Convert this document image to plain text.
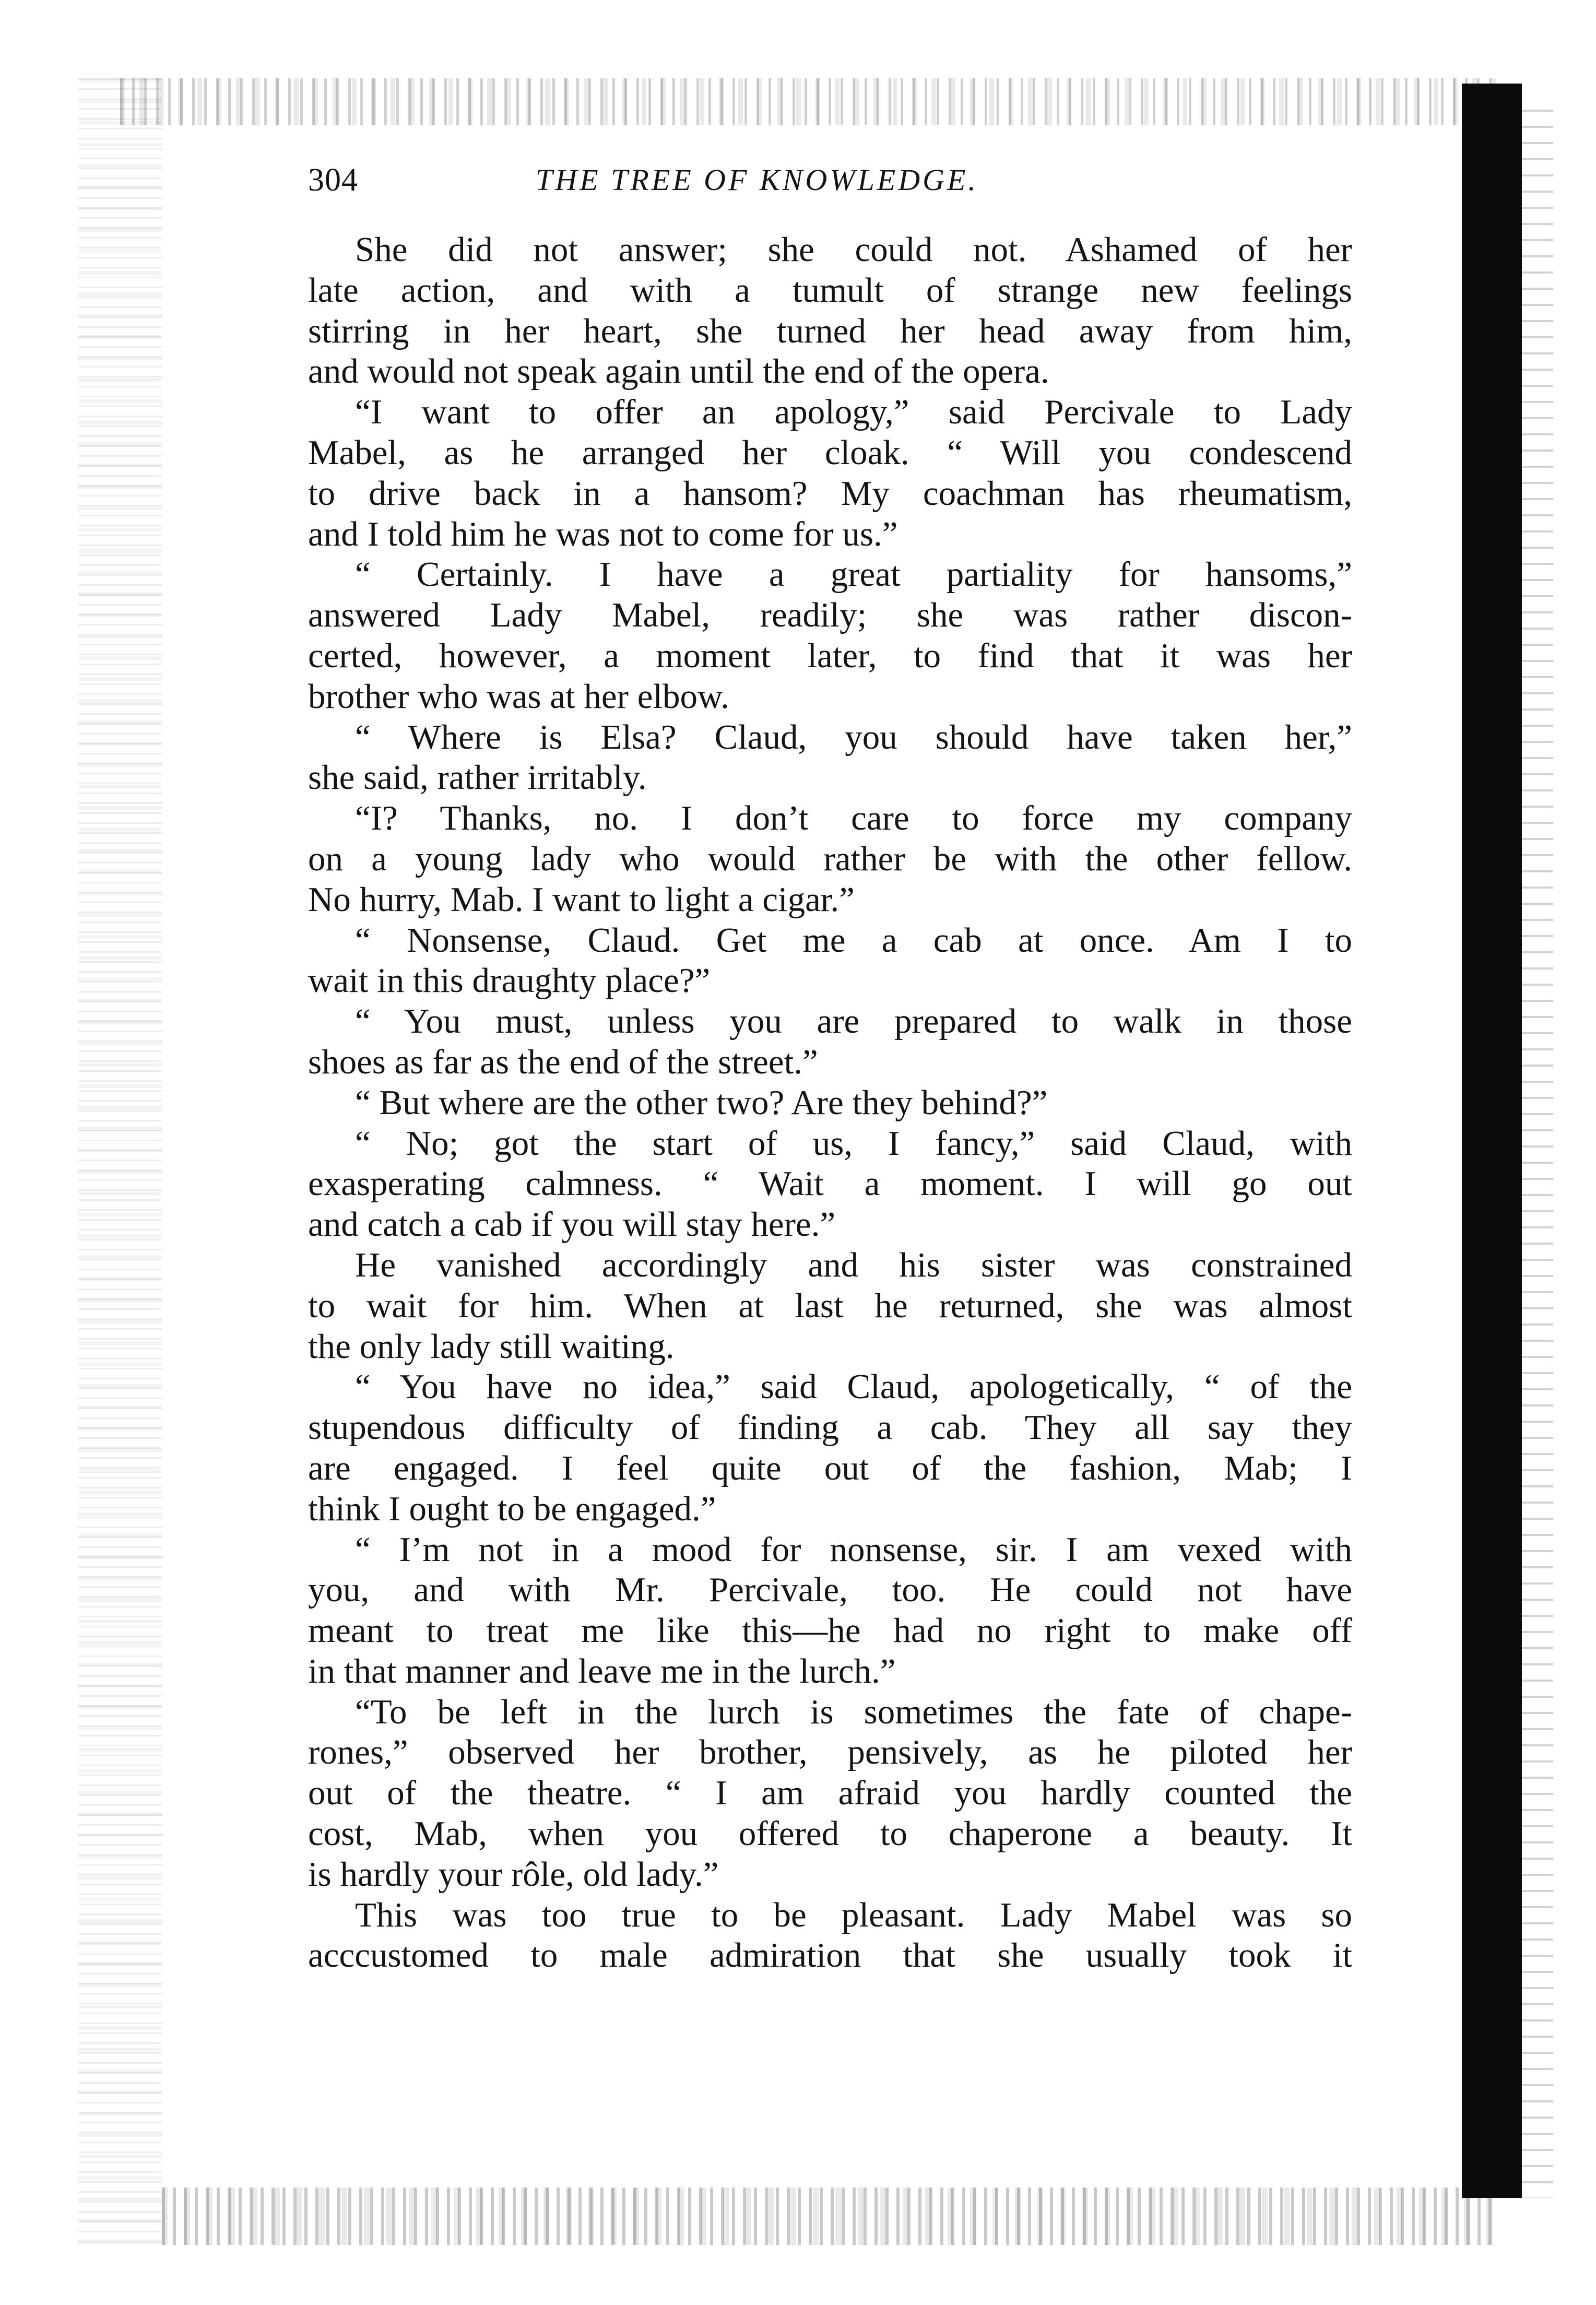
304	THE TREE OF KNOWLEDGE.
She did not answer; she could not. Ashamed of her
late action, and with a tumult of strange new feelings
stirring in her heart, she turned her head away from him,
and would not speak again until the end of the opera.
“I want to offer an apology,” said Percivale to Lady
Mabel, as he arranged her cloak. “ Will you condescend
to drive back in a hansom? My coachman has rheumatism,
and I told him he was not to come for us.”
“ Certainly. I have a great partiality for hansoms,”
answered Lady Mabel, readily; she was rather discon-
certed, however, a moment later, to find that it was her
brother who was at her elbow.
“ Where is Elsa? Claud, you should have taken her,”
she said, rather irritably.
“I? Thanks, no. I don’t care to force my company
on a young lady who would rather be with the other fellow.
No hurry, Mab. I want to light a cigar.”
“ Nonsense, Claud. Get me a cab at once. Am I to
wait in this draughty place?”
“ You must, unless you are prepared to walk in those
shoes as far as the end of the street.”
“ But where are the other two? Are they behind?”
“ No; got the start of us, I fancy,” said Claud, with
exasperating calmness. “ Wait a moment. I will go out
and catch a cab if you will stay here.”
He vanished accordingly and his sister was constrained
to wait for him. When at last he returned, she was almost
the only lady still waiting.
“ You have no idea,” said Claud, apologetically, “ of the
stupendous difficulty of finding a cab. They all say they
are engaged. I feel quite out of the fashion, Mab; I
think I ought to be engaged.”
“ I’m not in a mood for nonsense, sir. I am vexed with
you, and with Mr. Percivale, too. He could not have
meant to treat me like this—he had no right to make off
in that manner and leave me in the lurch.”
“To be left in the lurch is sometimes the fate of chape-
rones,” observed her brother, pensively, as he piloted her
out of the theatre. “ I am afraid you hardly counted the
cost, Mab, when you offered to chaperone a beauty. It
is hardly your rôle, old lady.”
This was too true to be pleasant. Lady Mabel was so
acccustomed to male admiration that she usually took it
